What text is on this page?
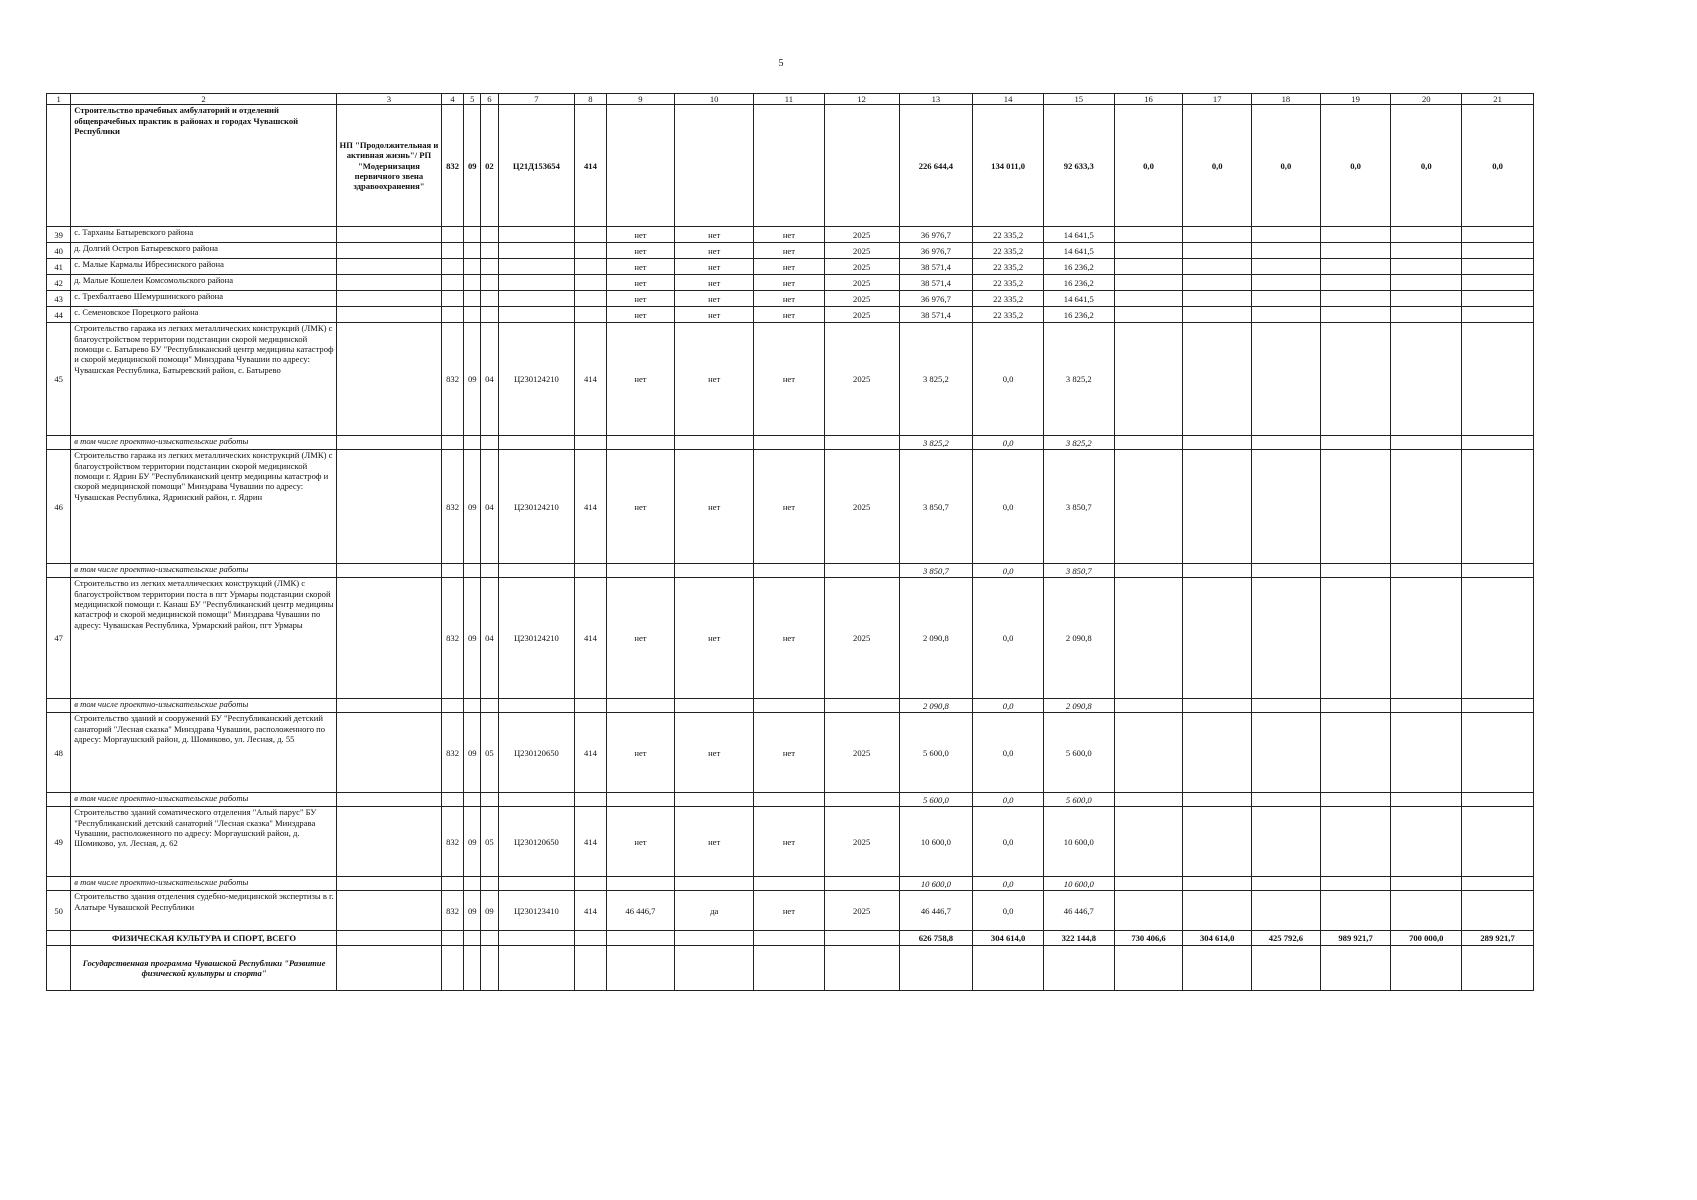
5
1	2	3	4	5	6	7	8	9	10	11	12	13	14	15	16	17	18	19	20	21
	Строительство врачебных амбулаторий и отделений общеврачебных практик в районах и городах Чувашской Республики	НП "Продолжительная и активная жизнь"/ РП "Модернизация первичного звена здравоохранения"	832	09	02	Ц21Д153654	414					226 644,4	134 011,0	92 633,3	0,0	0,0	0,0	0,0	0,0	0,0
39	с. Тарханы Батыревского района							нет	нет	нет	2025	36 976,7	22 335,2	14 641,5						
40	д. Долгий Остров Батыревского района							нет	нет	нет	2025	36 976,7	22 335,2	14 641,5						
41	с. Малые Кармалы Ибресинского района							нет	нет	нет	2025	38 571,4	22 335,2	16 236,2						
42	д. Малые Кошелеи Комсомольского района							нет	нет	нет	2025	38 571,4	22 335,2	16 236,2						
43	с. Трехбалтаево Шемуршинского района							нет	нет	нет	2025	36 976,7	22 335,2	14 641,5						
44	с. Семеновское Порецкого района							нет	нет	нет	2025	38 571,4	22 335,2	16 236,2						
45	Строительство гаража из легких металлических конструкций (ЛМК) с благоустройством территории подстанции скорой медицинской помощи с. Батырево БУ "Республиканский центр медицины катастроф и скорой медицинской помощи" Минздрава Чувашии по адресу: Чувашская Республика, Батыревский район, с. Батырево		832	09	04	Ц230124210	414	нет	нет	нет	2025	3 825,2	0,0	3 825,2						
	в том числе проектно-изыскательские работы											3 825,2	0,0	3 825,2						
46	Строительство гаража из легких металлических конструкций (ЛМК) с благоустройством территории подстанции скорой медицинской помощи г. Ядрин БУ "Республиканский центр медицины катастроф и скорой медицинской помощи" Минздрава Чувашии по адресу: Чувашская Республика, Ядринский район, г. Ядрин		832	09	04	Ц230124210	414	нет	нет	нет	2025	3 850,7	0,0	3 850,7						
	в том числе проектно-изыскательские работы											3 850,7	0,0	3 850,7						
47	Строительство из легких металлических конструкций (ЛМК) с благоустройством территории поста в пгт Урмары подстанции скорой медицинской помощи г. Канаш БУ "Республиканский центр медицины катастроф и скорой медицинской помощи" Минздрава Чувашии по адресу: Чувашская Республика, Урмарский район, пгт Урмары		832	09	04	Ц230124210	414	нет	нет	нет	2025	2 090,8	0,0	2 090,8						
	в том числе проектно-изыскательские работы											2 090,8	0,0	2 090,8						
48	Строительство зданий и сооружений БУ "Республиканский детский санаторий "Лесная сказка" Минздрава Чувашии, расположенного по адресу: Моргаушский район, д. Шомиково, ул. Лесная, д. 55		832	09	05	Ц230120650	414	нет	нет	нет	2025	5 600,0	0,0	5 600,0						
	в том числе проектно-изыскательские работы											5 600,0	0,0	5 600,0						
49	Строительство зданий соматического отделения "Алый парус" БУ "Республиканский детский санаторий "Лесная сказка" Минздрава Чувашии, расположенного по адресу: Моргаушский район, д. Шомиково, ул. Лесная, д. 62		832	09	05	Ц230120650	414	нет	нет	нет	2025	10 600,0	0,0	10 600,0						
	в том числе проектно-изыскательские работы											10 600,0	0,0	10 600,0						
50	Строительство здания отделения судебно-медицинской экспертизы в г. Алатыре Чувашской Республики		832	09	09	Ц230123410	414	46 446,7	да	нет	2025	46 446,7	0,0	46 446,7						
	ФИЗИЧЕСКАЯ КУЛЬТУРА И СПОРТ, ВСЕГО											626 758,8	304 614,0	322 144,8	730 406,6	304 614,0	425 792,6	989 921,7	700 000,0	289 921,7
	Государственная программа Чувашской Республики "Развитие физической культуры и спорта"																			
